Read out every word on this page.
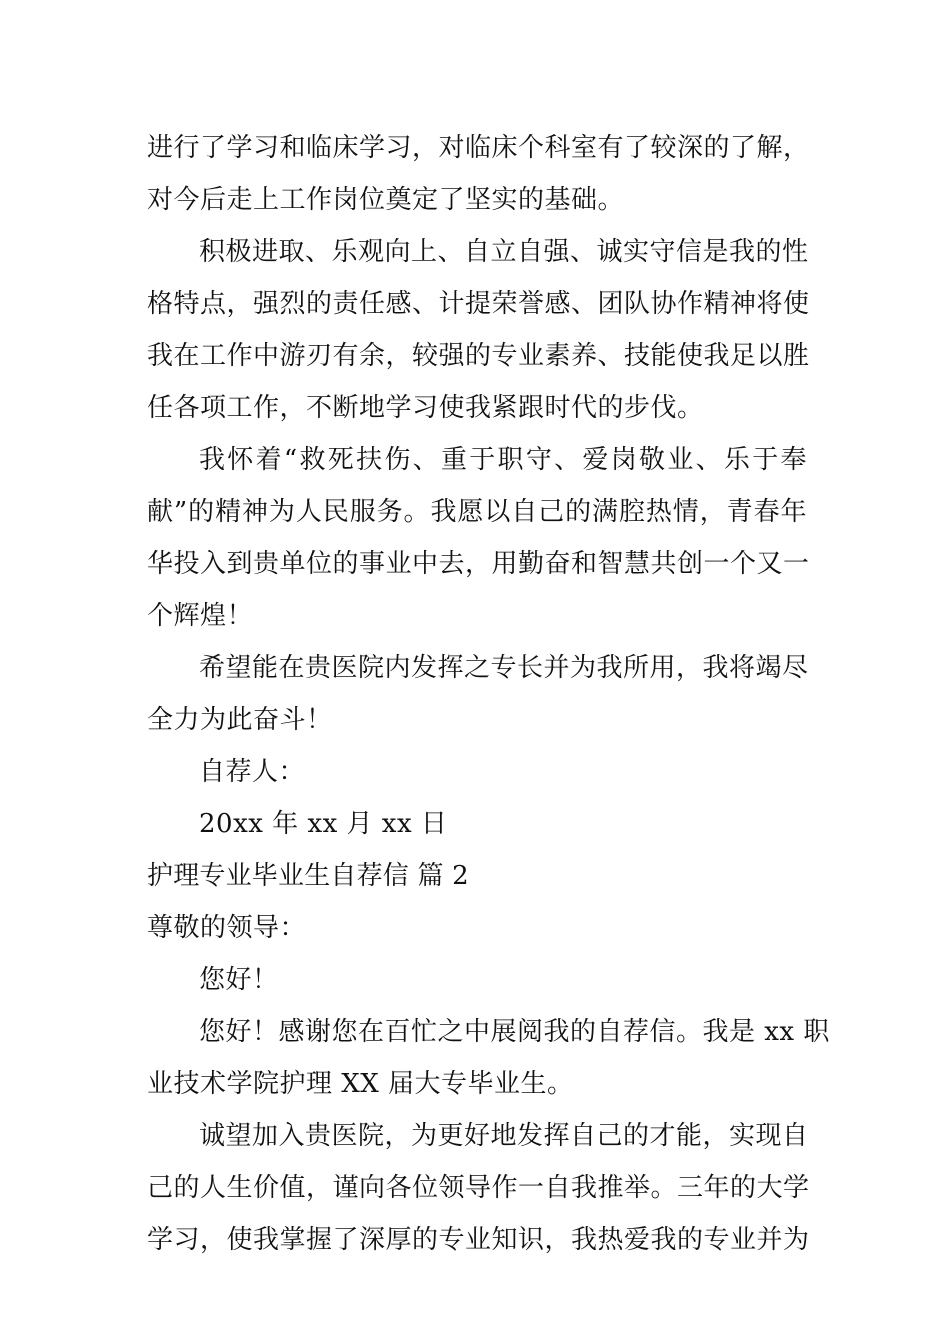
进行了学习和临床学习，对临床个科室有了较深的了解，
对今后走上工作岗位奠定了坚实的基础。
积极进取、乐观向上、自立自强、诚实守信是我的性
格特点，强烈的责任感、计提荣誉感、团队协作精神将使
我在工作中游刃有余，较强的专业素养、技能使我足以胜
任各项工作，不断地学习使我紧跟时代的步伐。
我怀着“救死扶伤、重于职守、爱岗敬业、乐于奉
献”的精神为人民服务。我愿以自己的满腔热情，青春年
华投入到贵单位的事业中去，用勤奋和智慧共创一个又一
个辉煌！
希望能在贵医院内发挥之专长并为我所用，我将竭尽
全力为此奋斗！
自荐人：
20xx 年 xx 月 xx 日
护理专业毕业生自荐信 篇 2
尊敬的领导：
您好！
您好！感谢您在百忙之中展阅我的自荐信。我是 xx 职
业技术学院护理 XX 届大专毕业生。
诚望加入贵医院，为更好地发挥自己的才能，实现自
己的人生价值，谨向各位领导作一自我推举。三年的大学
学习，使我掌握了深厚的专业知识，我热爱我的专业并为
